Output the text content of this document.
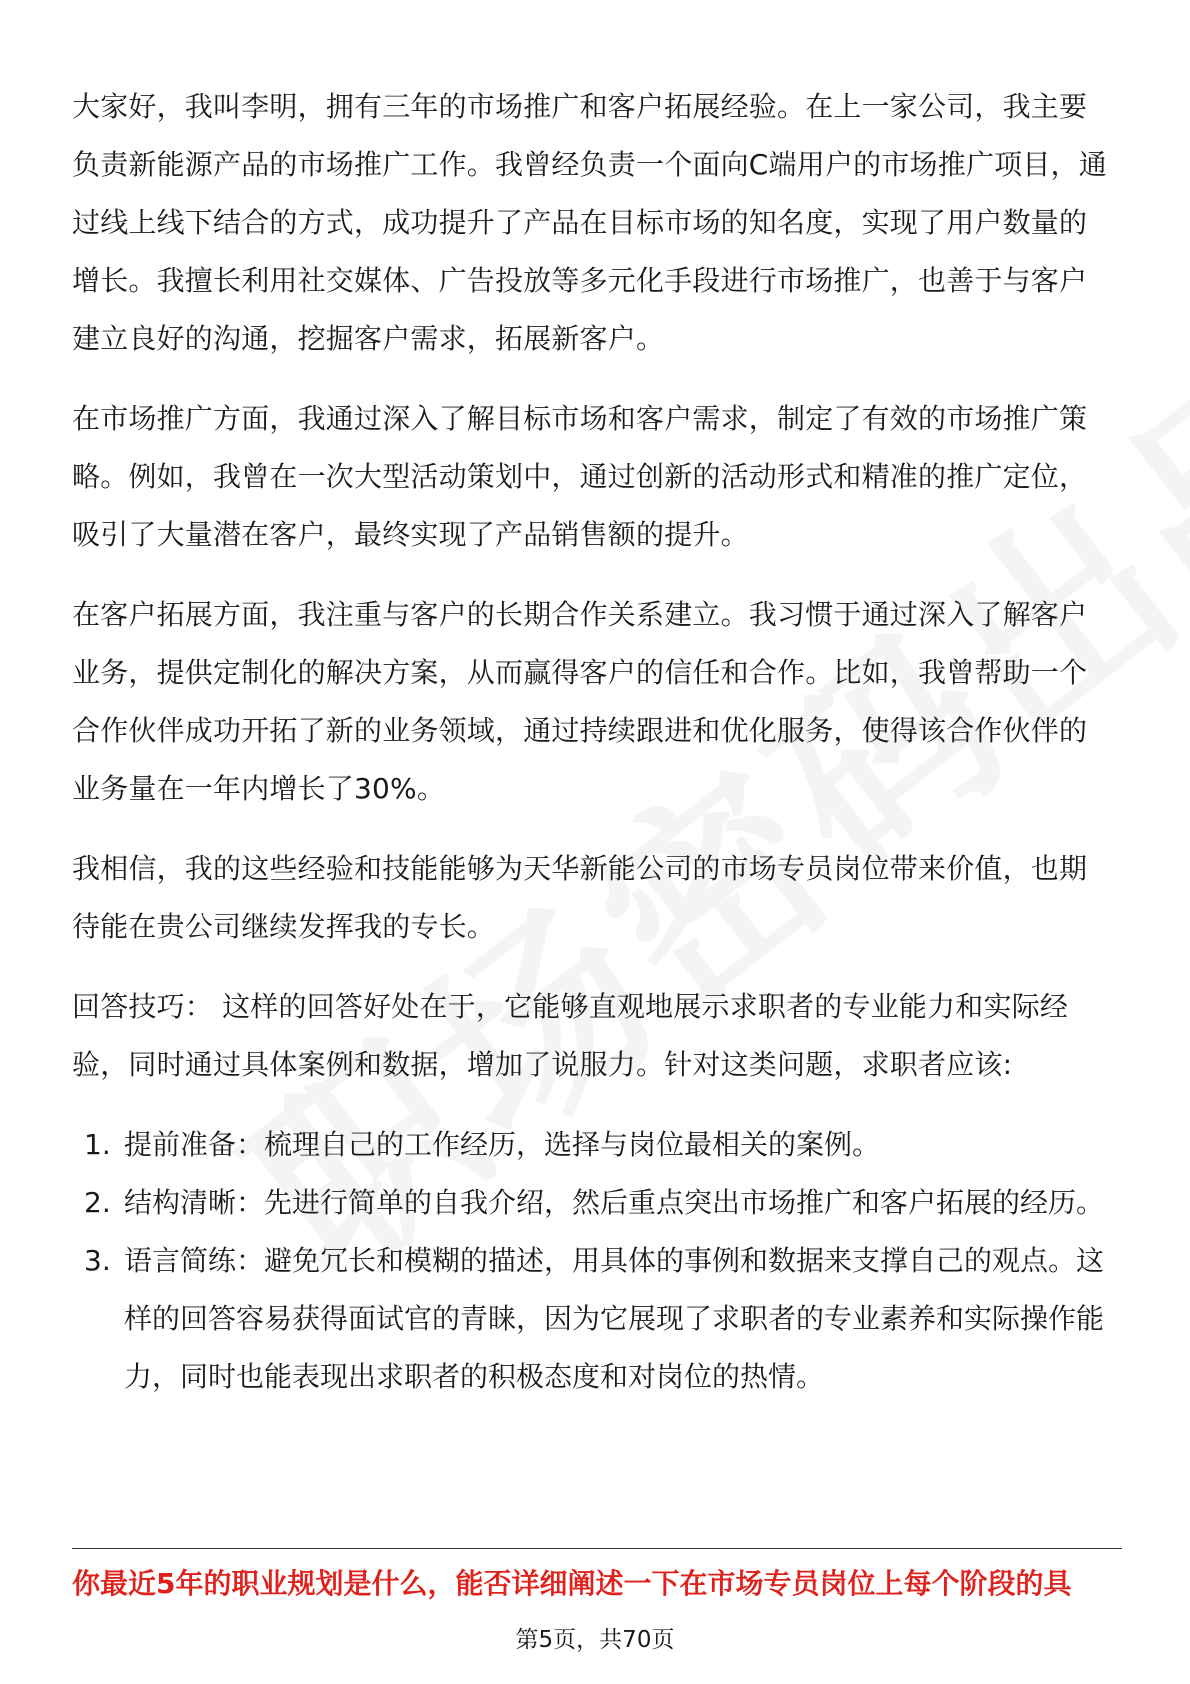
大家好，我叫李明，拥有三年的市场推广和客户拓展经验。在上一家公司，我主要负责新能源产品的市场推广工作。我曾经负责一个面向C端用户的市场推广项目，通过线上线下结合的方式，成功提升了产品在目标市场的知名度，实现了用户数量的增长。我擅长利用社交媒体、广告投放等多元化手段进行市场推广，也善于与客户建立良好的沟通，挖掘客户需求，拓展新客户。

在市场推广方面，我通过深入了解目标市场和客户需求，制定了有效的市场推广策略。例如，我曾在一次大型活动策划中，通过创新的活动形式和精准的推广定位，吸引了大量潜在客户，最终实现了产品销售额的提升。

在客户拓展方面，我注重与客户的长期合作关系建立。我习惯于通过深入了解客户业务，提供定制化的解决方案，从而赢得客户的信任和合作。比如，我曾帮助一个合作伙伴成功开拓了新的业务领域，通过持续跟进和优化服务，使得该合作伙伴的业务量在一年内增长了30%。

我相信，我的这些经验和技能能够为天华新能公司的市场专员岗位带来价值，也期待能在贵公司继续发挥我的专长。

回答技巧： 这样的回答好处在于，它能够直观地展示求职者的专业能力和实际经验，同时通过具体案例和数据，增加了说服力。针对这类问题，求职者应该:

1. 提前准备：梳理自己的工作经历，选择与岗位最相关的案例。
2. 结构清晰：先进行简单的自我介绍，然后重点突出市场推广和客户拓展的经历。
3. 语言简练：避免冗长和模糊的描述，用具体的事例和数据来支撑自己的观点。这样的回答容易获得面试官的青睐，因为它展现了求职者的专业素养和实际操作能力，同时也能表现出求职者的积极态度和对岗位的热情。
你最近5年的职业规划是什么，能否详细阐述一下在市场专员岗位上每个阶段的具
第5页，共70页
